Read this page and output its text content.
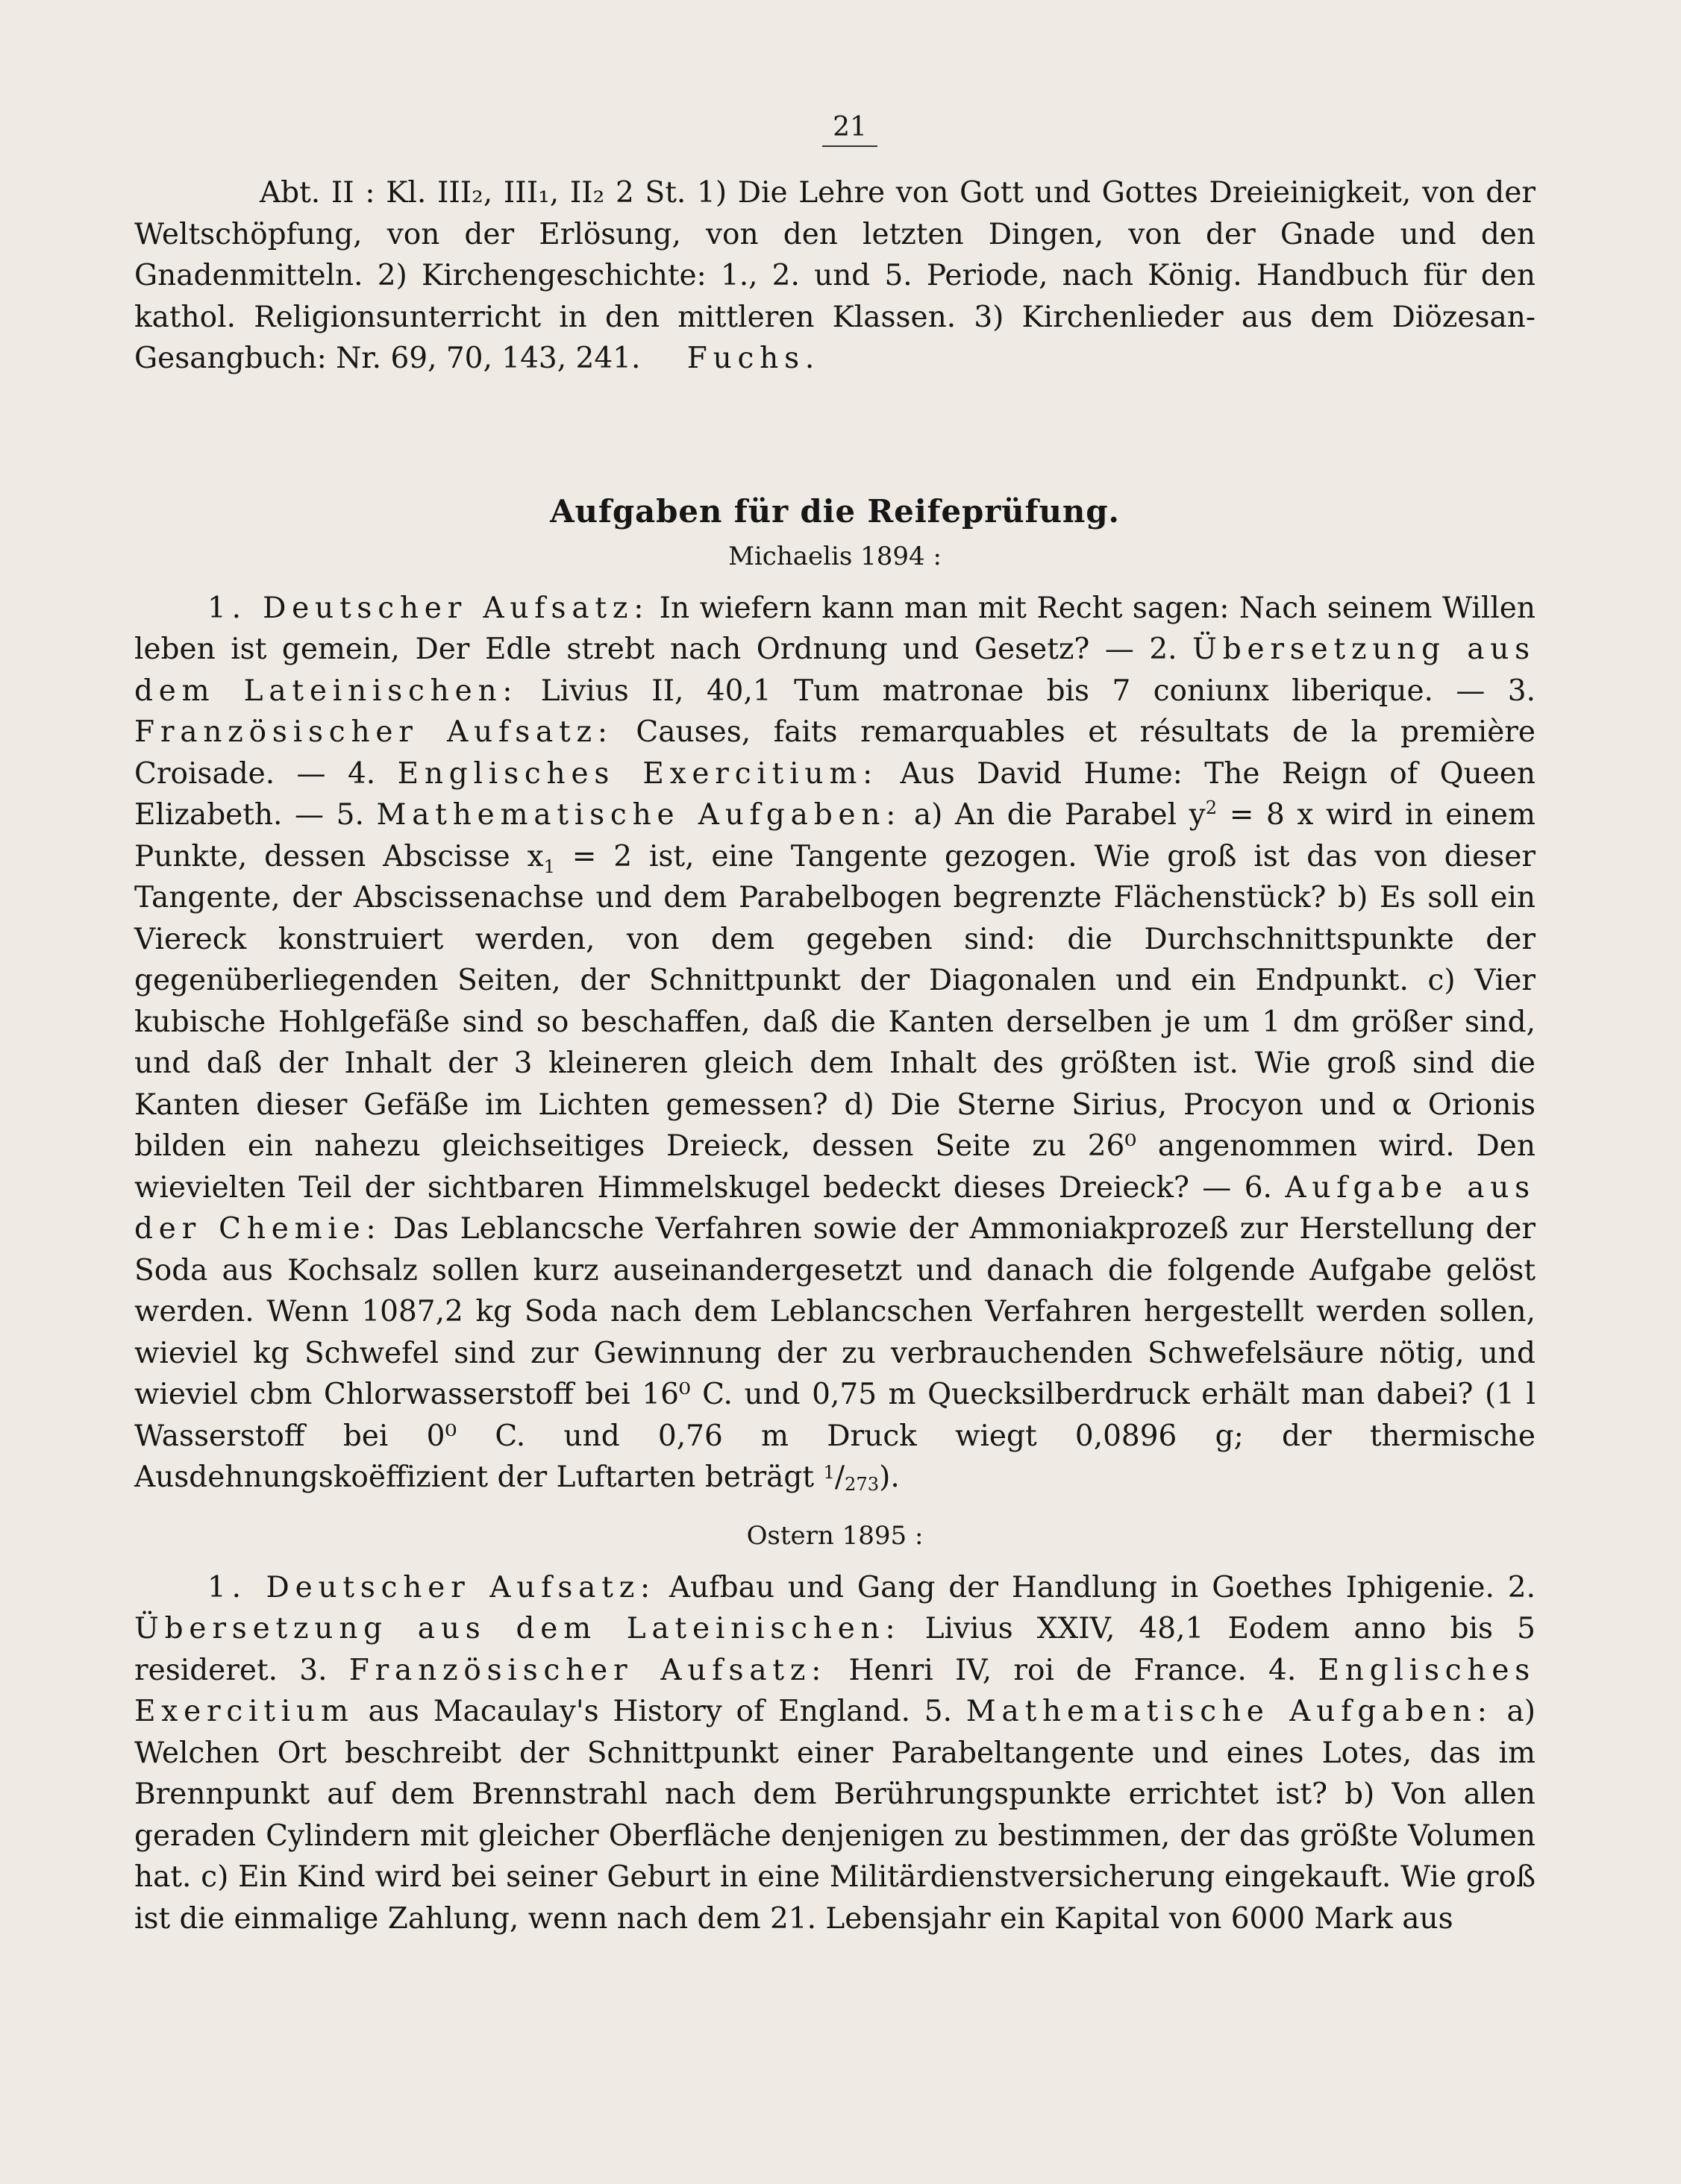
21

Abt. II : Kl. III₂, III₁, II₂ 2 St. 1) Die Lehre von Gott und Gottes Dreieinigkeit, von der Weltschöpfung, von der Erlösung, von den letzten Dingen, von der Gnade und den Gnadenmitteln. 2) Kirchengeschichte: 1., 2. und 5. Periode, nach König. Handbuch für den kathol. Religionsunterricht in den mittleren Klassen. 3) Kirchenlieder aus dem Diözesan-Gesangbuch: Nr. 69, 70, 143, 241. Fuchs.

Aufgaben für die Reifeprüfung.
Michaelis 1894 :

1. Deutscher Aufsatz: In wiefern kann man mit Recht sagen: Nach seinem Willen leben ist gemein, Der Edle strebt nach Ordnung und Gesetz? — 2. Übersetzung aus dem Lateinischen: Livius II, 40,1 Tum matronae bis 7 coniunx liberique. — 3. Französischer Aufsatz: Causes, faits remarquables et résultats de la première Croisade. — 4. Englisches Exercitium: Aus David Hume: The Reign of Queen Elizabeth. — 5. Mathematische Aufgaben: a) An die Parabel $y^2 = 8$ x wird in einem Punkte, dessen Abscisse $x_1 = 2$ ist, eine Tangente gezogen. Wie groß ist das von dieser Tangente, der Abscissenachse und dem Parabelbogen begrenzte Flächenstück? b) Es soll ein Viereck konstruiert werden, von dem gegeben sind: die Durchschnittspunkte der gegenüberliegenden Seiten, der Schnittpunkt der Diagonalen und ein Endpunkt. c) Vier kubische Hohlgefäße sind so beschaffen, daß die Kanten derselben je um 1 dm größer sind, und daß der Inhalt der 3 kleineren gleich dem Inhalt des größten ist. Wie groß sind die Kanten dieser Gefäße im Lichten gemessen? d) Die Sterne Sirius, Procyon und α Orionis bilden ein nahezu gleichseitiges Dreieck, dessen Seite zu 26⁰ angenommen wird. Den wievielten Teil der sichtbaren Himmelskugel bedeckt dieses Dreieck? — 6. Aufgabe aus der Chemie: Das Leblancsche Verfahren sowie der Ammoniakprozeß zur Herstellung der Soda aus Kochsalz sollen kurz auseinandergesetzt und danach die folgende Aufgabe gelöst werden. Wenn 1087,2 kg Soda nach dem Leblancschen Verfahren hergestellt werden sollen, wieviel kg Schwefel sind zur Gewinnung der zu verbrauchenden Schwefelsäure nötig, und wieviel cbm Chlorwasserstoff bei 16⁰ C. und 0,75 m Quecksilberdruck erhält man dabei? (1 l Wasserstoff bei 0⁰ C. und 0,76 m Druck wiegt 0,0896 g; der thermische Ausdehnungskoëffizient der Luftarten beträgt $^1/_{273}$).

Ostern 1895 :

1. Deutscher Aufsatz: Aufbau und Gang der Handlung in Goethes Iphigenie. 2. Übersetzung aus dem Lateinischen: Livius XXIV, 48,1 Eodem anno bis 5 resideret. 3. Französischer Aufsatz: Henri IV, roi de France. 4. Englisches Exercitium aus Macaulay's History of England. 5. Mathematische Aufgaben: a) Welchen Ort beschreibt der Schnittpunkt einer Parabeltangente und eines Lotes, das im Brennpunkt auf dem Brennstrahl nach dem Berührungspunkte errichtet ist? b) Von allen geraden Cylindern mit gleicher Oberfläche denjenigen zu bestimmen, der das größte Volumen hat. c) Ein Kind wird bei seiner Geburt in eine Militärdienstversicherung eingekauft. Wie groß ist die einmalige Zahlung, wenn nach dem 21. Lebensjahr ein Kapital von 6000 Mark aus
